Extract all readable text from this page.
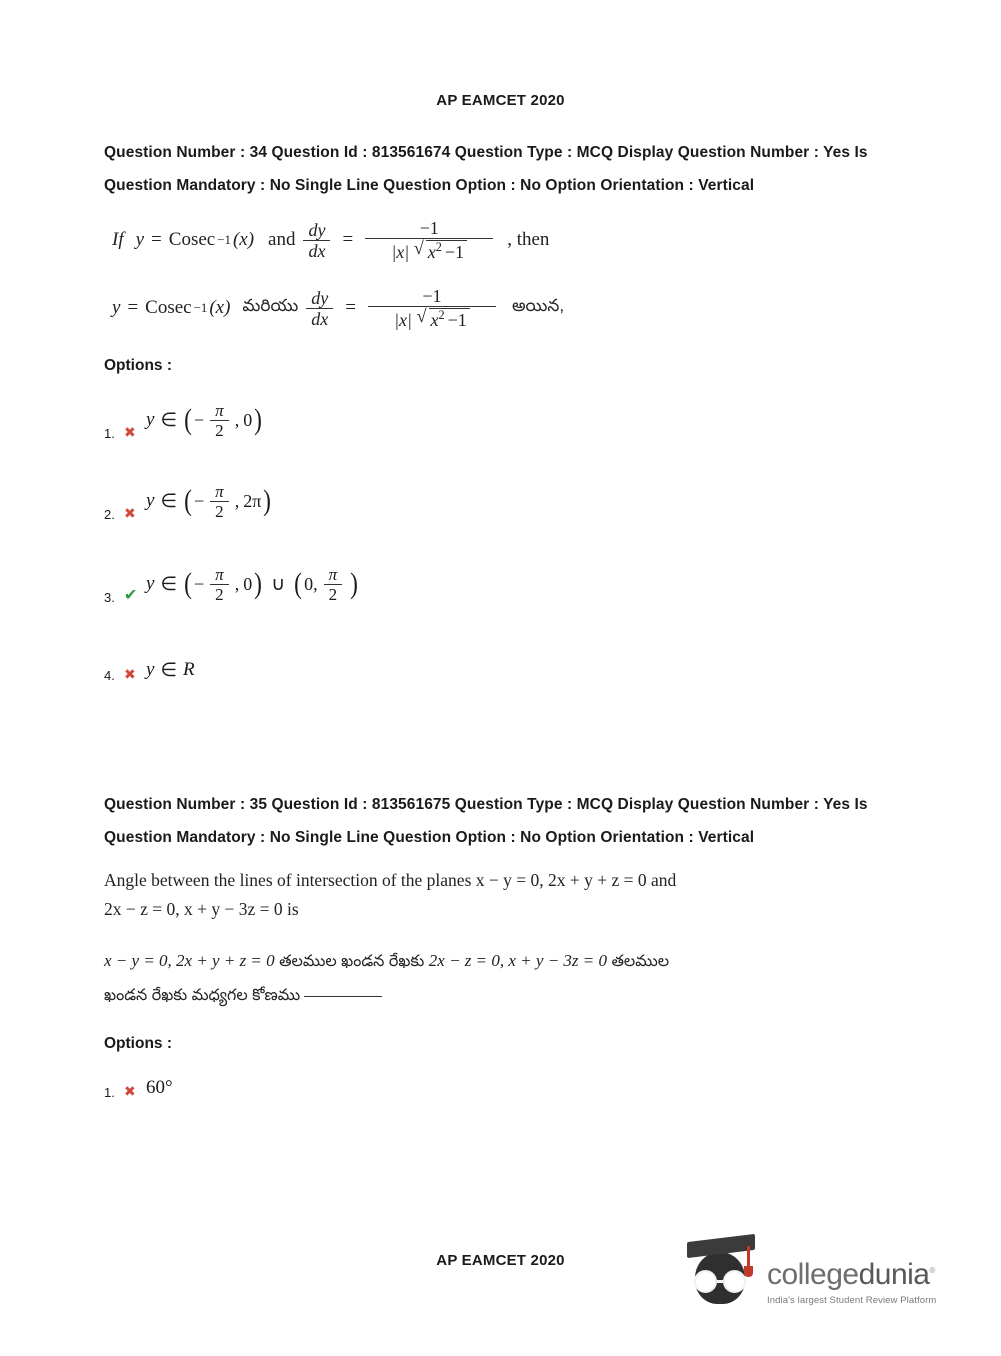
AP EAMCET 2020
Question Number : 34 Question Id : 813561674 Question Type : MCQ Display Question Number : Yes Is Question Mandatory : No Single Line Question Option : No Option Orientation : Vertical
If y = Cosec −1 (x) and $\frac{dy}{dx} = \frac{-1}{|x| √ x^2 -1}$ , then
y = Cosec −1 (x) మరియు $\frac{dy}{dx} = \frac{-1}{|x| √ x^2 -1}$ అయిన,
Options :
1. ✖
y ∈ ( − $\frac{\pi}{2}$ , 0 )
2. ✖
y ∈ ( − $\frac{\pi}{2}$ , 2π )
3. ✔
y ∈ ( − $\frac{\pi}{2}$ , 0 ) ∪ ( 0 , $\frac{\pi}{2}$ )
4. ✖ y ∈ R
Question Number : 35 Question Id : 813561675 Question Type : MCQ Display Question Number : Yes Is Question Mandatory : No Single Line Question Option : No Option Orientation : Vertical
Angle between the lines of intersection of the planes x − y = 0, 2x + y + z = 0 and
2x − z = 0, x + y − 3z = 0 is
x − y = 0, 2x + y + z = 0 తలముల ఖండన రేఖకు 2x − z = 0, x + y − 3z = 0 తలముల
ఖండన రేఖకు మధ్యగల కోణము
Options :
1. ✖ 60°
AP EAMCET 2020	collegedunia®
India's largest Student Review Platform
